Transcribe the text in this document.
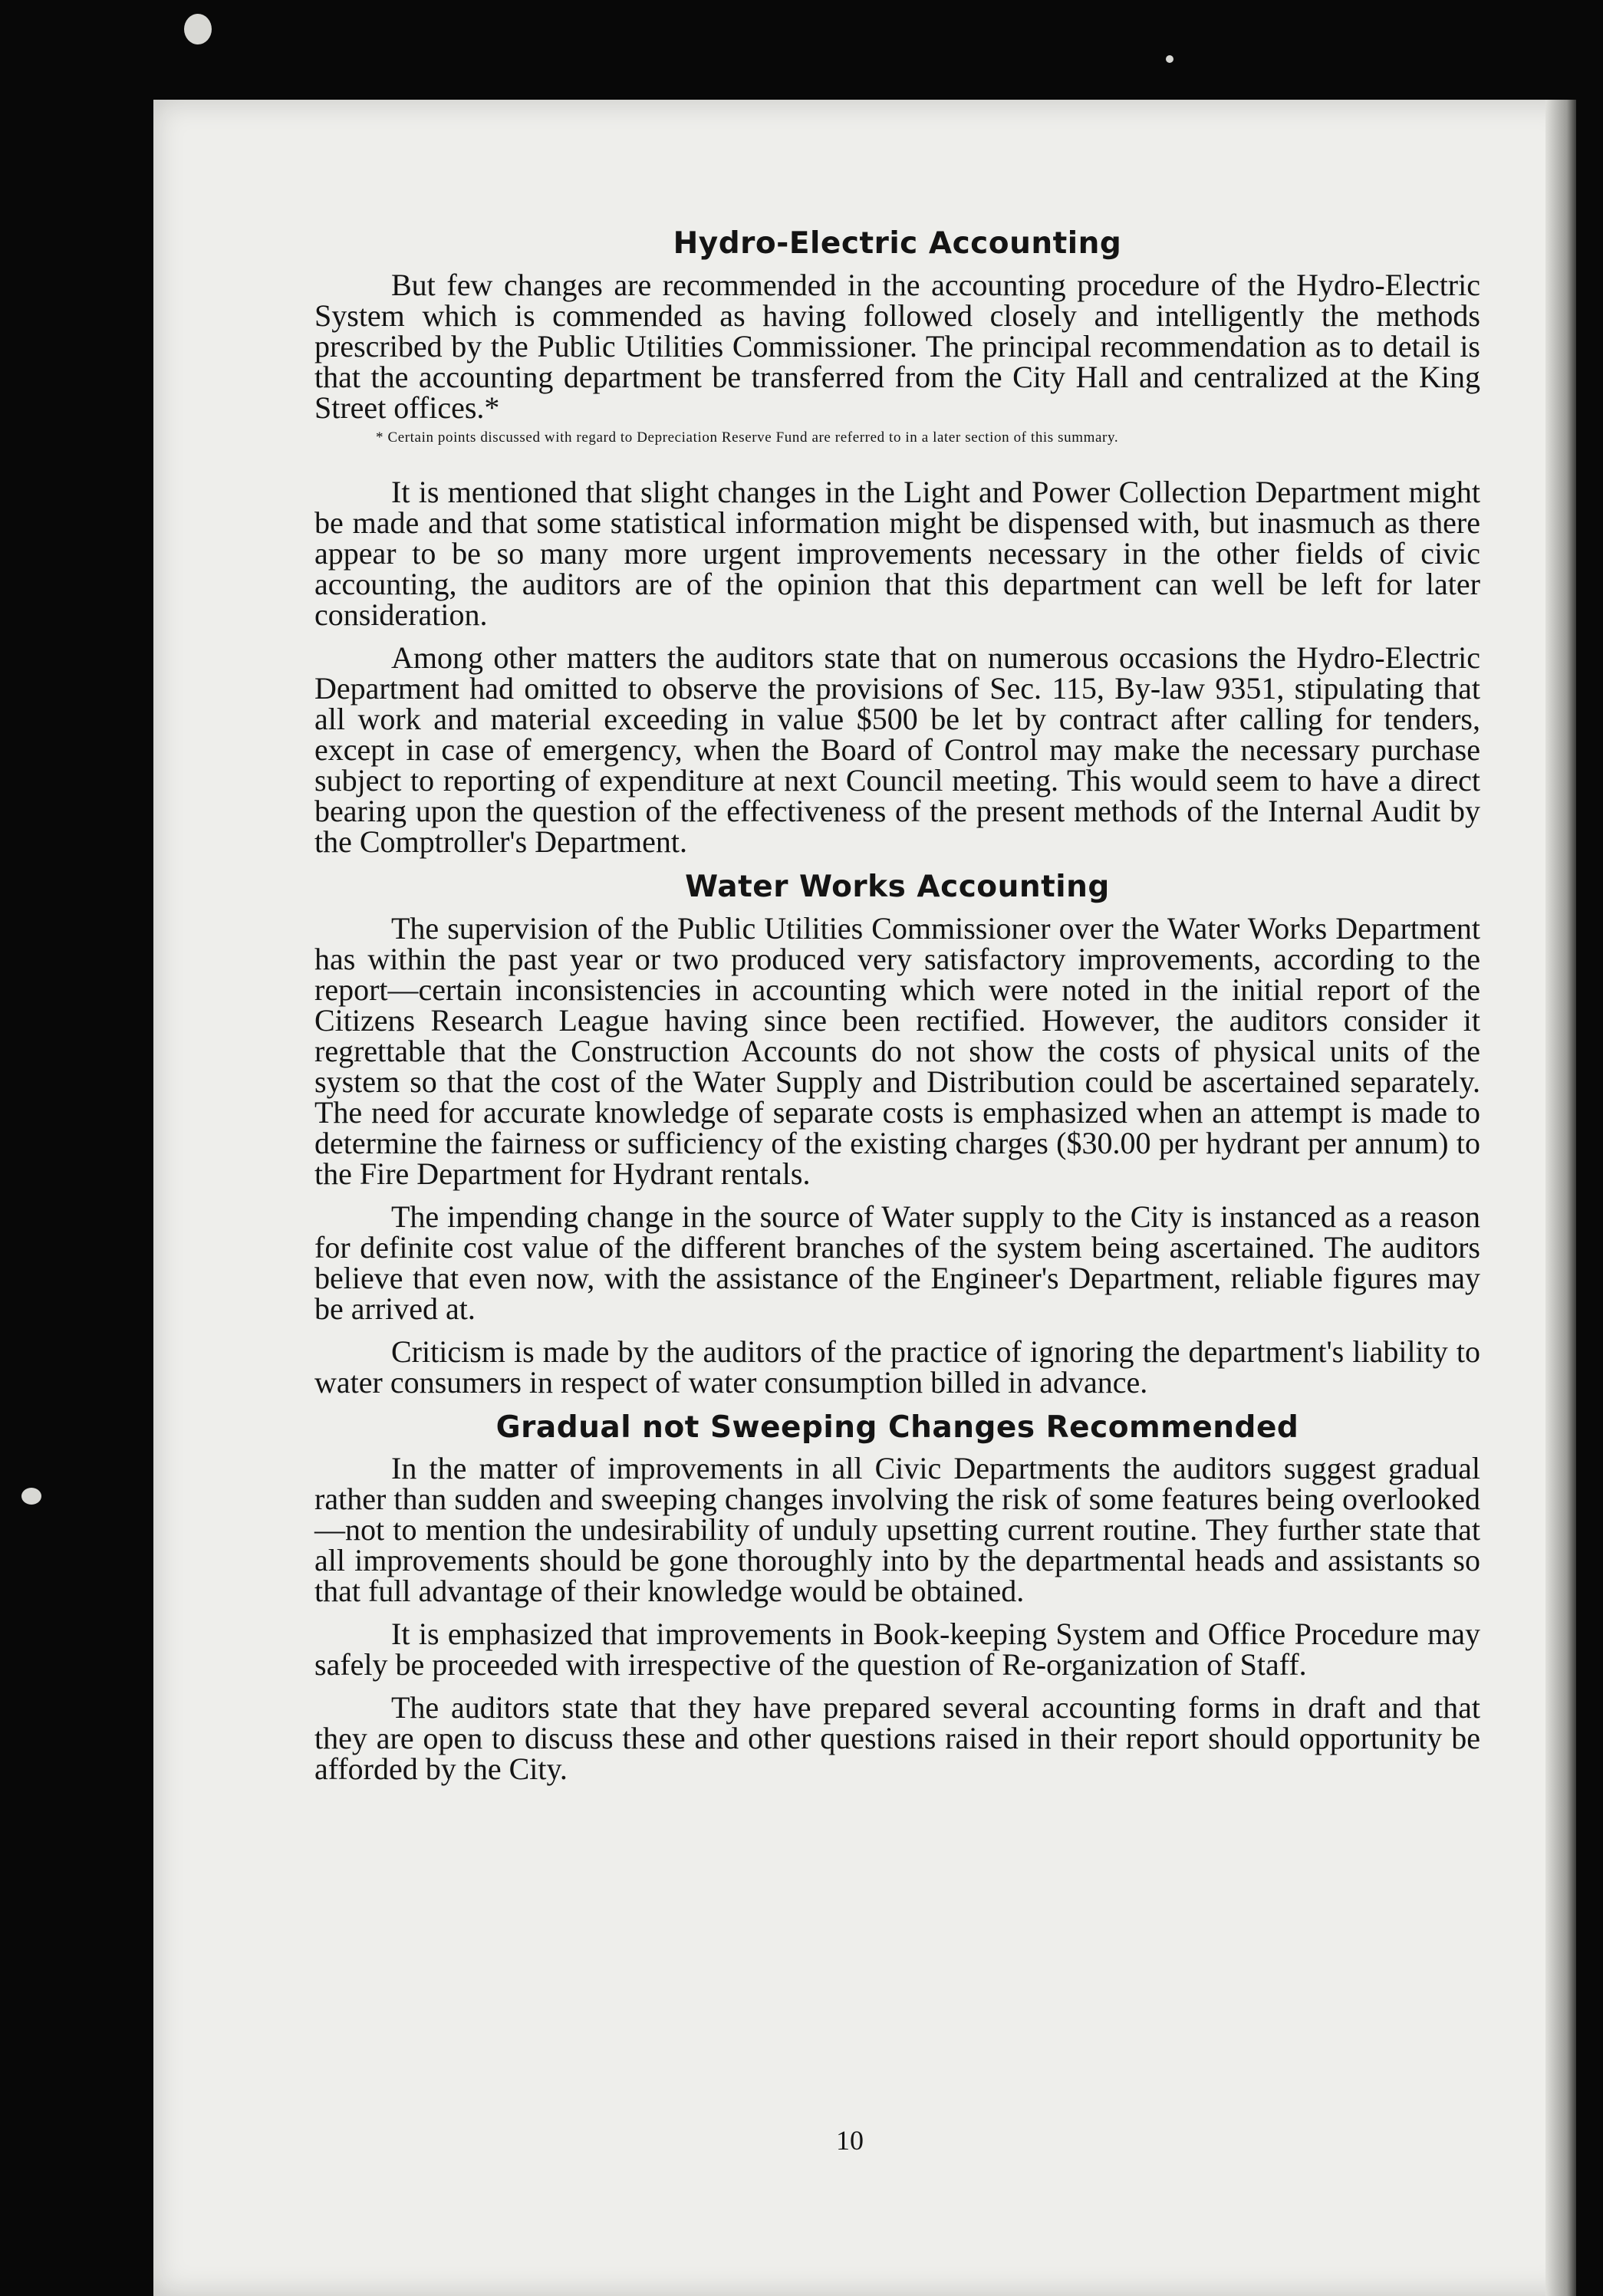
Hydro-Electric Accounting

But few changes are recommended in the accounting procedure of the Hydro-Electric System which is commended as having followed closely and intelligently the methods prescribed by the Public Utilities Commissioner. The principal recommendation as to detail is that the accounting department be transferred from the City Hall and centralized at the King Street offices.*

* Certain points discussed with regard to Depreciation Reserve Fund are referred to in a later section of this summary.

It is mentioned that slight changes in the Light and Power Collection Department might be made and that some statistical information might be dispensed with, but inasmuch as there appear to be so many more urgent improvements necessary in the other fields of civic accounting, the auditors are of the opinion that this department can well be left for later consideration.

Among other matters the auditors state that on numerous occasions the Hydro-Electric Department had omitted to observe the provisions of Sec. 115, By-law 9351, stipulating that all work and material exceeding in value $500 be let by contract after calling for tenders, except in case of emergency, when the Board of Control may make the necessary purchase subject to reporting of expenditure at next Council meeting. This would seem to have a direct bearing upon the question of the effectiveness of the present methods of the Internal Audit by the Comptroller's Department.

Water Works Accounting

The supervision of the Public Utilities Commissioner over the Water Works Department has within the past year or two produced very satisfactory improvements, according to the report—certain inconsistencies in accounting which were noted in the initial report of the Citizens Research League having since been rectified. However, the auditors consider it regrettable that the Construction Accounts do not show the costs of physical units of the system so that the cost of the Water Supply and Distribution could be ascertained separately. The need for accurate knowledge of separate costs is emphasized when an attempt is made to determine the fairness or sufficiency of the existing charges ($30.00 per hydrant per annum) to the Fire Department for Hydrant rentals.

The impending change in the source of Water supply to the City is instanced as a reason for definite cost value of the different branches of the system being ascertained. The auditors believe that even now, with the assistance of the Engineer's Department, reliable figures may be arrived at.

Criticism is made by the auditors of the practice of ignoring the department's liability to water consumers in respect of water consumption billed in advance.

Gradual not Sweeping Changes Recommended

In the matter of improvements in all Civic Departments the auditors suggest gradual rather than sudden and sweeping changes involving the risk of some features being overlooked—not to mention the undesirability of unduly upsetting current routine. They further state that all improvements should be gone thoroughly into by the departmental heads and assistants so that full advantage of their knowledge would be obtained.

It is emphasized that improvements in Book-keeping System and Office Procedure may safely be proceeded with irrespective of the question of Re-organization of Staff.

The auditors state that they have prepared several accounting forms in draft and that they are open to discuss these and other questions raised in their report should opportunity be afforded by the City.

10
